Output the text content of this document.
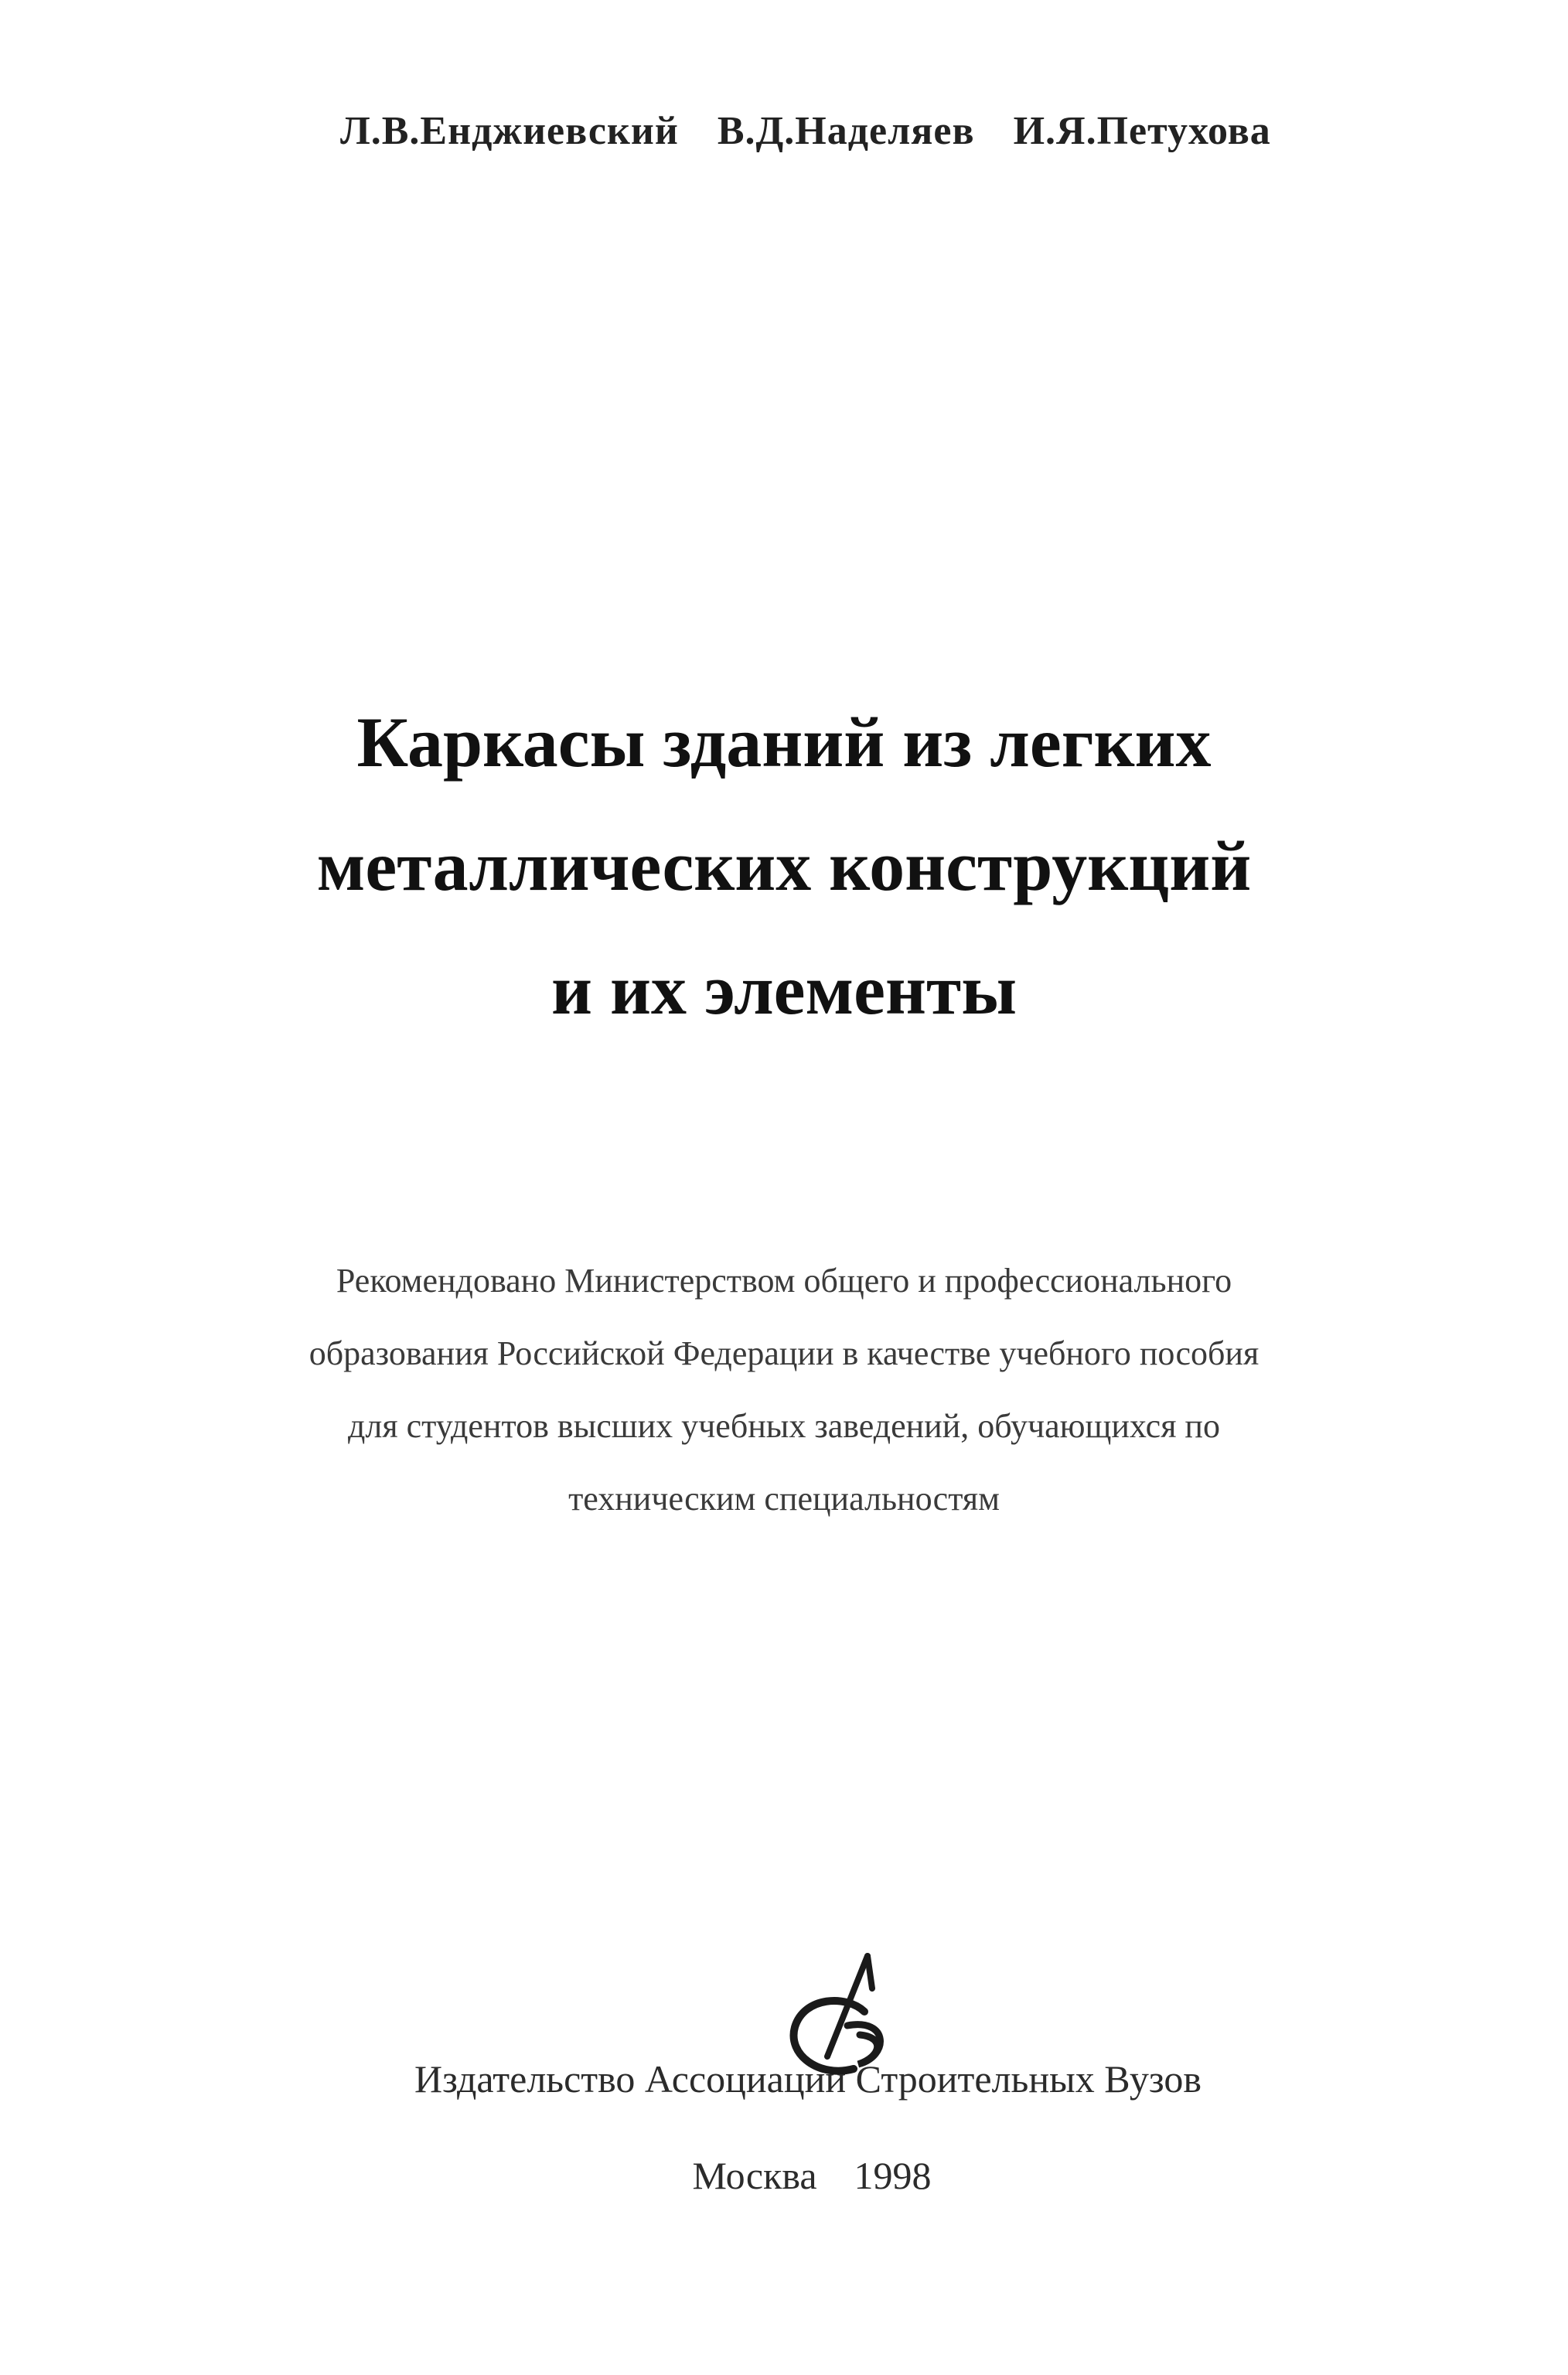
Л.В.Енджиевский В.Д.Наделяев И.Я.Петухова
Каркасы зданий из легких
металлических конструкций
и их элементы
Рекомендовано Министерством общего и профессионального
образования Российской Федерации в качестве учебного пособия
для студентов высших учебных заведений, обучающихся по
техническим специальностям
Издательство Ассоциации Строительных Вузов
Москва 1998
